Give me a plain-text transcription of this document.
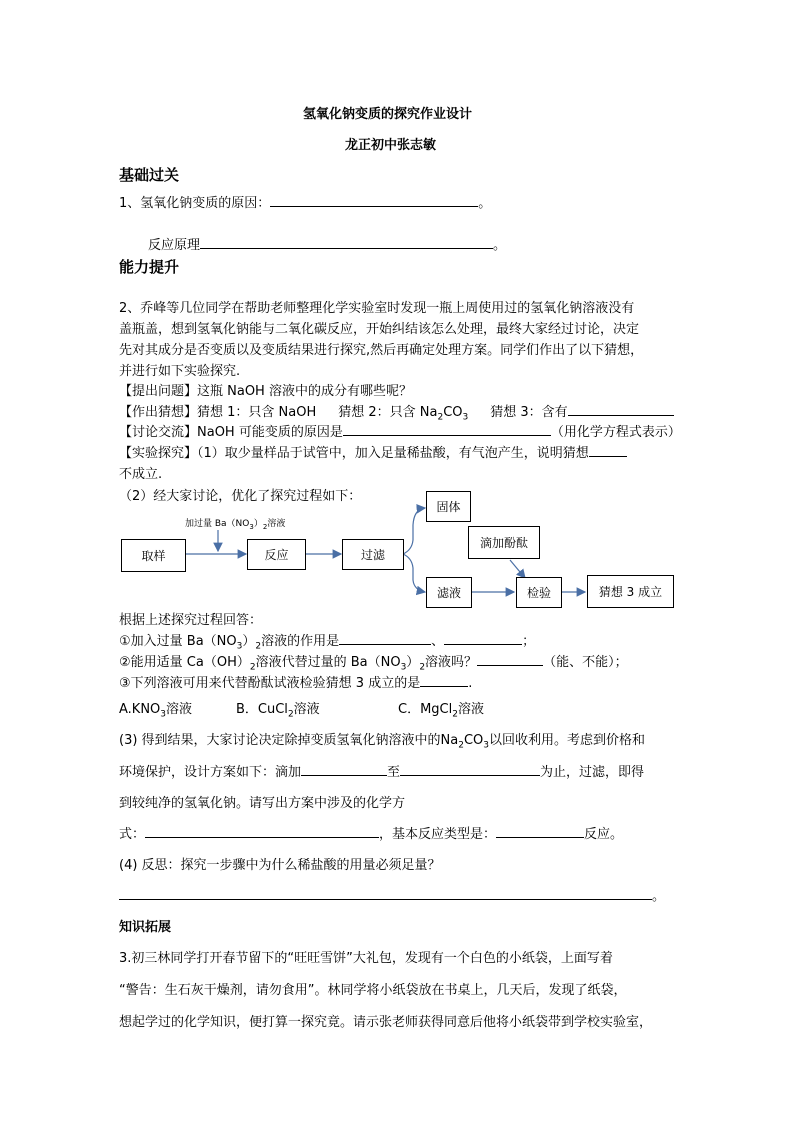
氢氧化钠变质的探究作业设计
龙正初中张志敏
基础过关
1、氢氧化钠变质的原因：	。
反应原理	。
能力提升
2、乔峰等几位同学在帮助老师整理化学实验室时发现一瓶上周使用过的氢氧化钠溶液没有
盖瓶盖，想到氢氧化钠能与二氧化碳反应，开始纠结该怎么处理，最终大家经过讨论，决定
先对其成分是否变质以及变质结果进行探究,然后再确定处理方案。同学们作出了以下猜想，
并进行如下实验探究.
【提出问题】这瓶 NaOH 溶液中的成分有哪些呢？
【作出猜想】猜想 1：只含 NaOH 猜想 2：只含 $Na_2CO_3$ 猜想 3：含有
【讨论交流】NaOH 可能变质的原因是	（用化学方程式表示）
【实验探究】（1）取少量样品于试管中，加入足量稀盐酸，有气泡产生，说明猜想
不成立.
（2）经大家讨论，优化了探究过程如下：
加过量 $Ba(NO_3)_2$溶液
取样	反应	过滤
固体
滴加酚酞
滤液	检验	猜想 3 成立
根据上述探究过程回答：
①加入过量 $Ba(NO_3)_2$溶液的作用是	、	；
②能用适量 $Ca(OH)_2$溶液代替过量的 $Ba(NO_3)_2$溶液吗？	（能、不能）；
③下列溶液可用来代替酚酞试液检验猜想 3 成立的是	.
$A.KNO_3$溶液	B．CuCl$_2$溶液	C．MgCl$_2$溶液
(3) 得到结果，大家讨论决定除掉变质氢氧化钠溶液中的$Na_2CO_3$以回收利用。考虑到价格和
环境保护，设计方案如下：滴加	至	为止，过滤，即得
到较纯净的氢氧化钠。请写出方案中涉及的化学方
式：	，基本反应类型是：	反应。
(4) 反思：探究一步骤中为什么稀盐酸的用量必须足量？
。
知识拓展
3.初三林同学打开春节留下的“旺旺雪饼”大礼包，发现有一个白色的小纸袋，上面写着
“警告：生石灰干燥剂，请勿食用”。林同学将小纸袋放在书桌上，几天后，发现了纸袋，
想起学过的化学知识，便打算一探究竟。请示张老师获得同意后他将小纸袋带到学校实验室，
